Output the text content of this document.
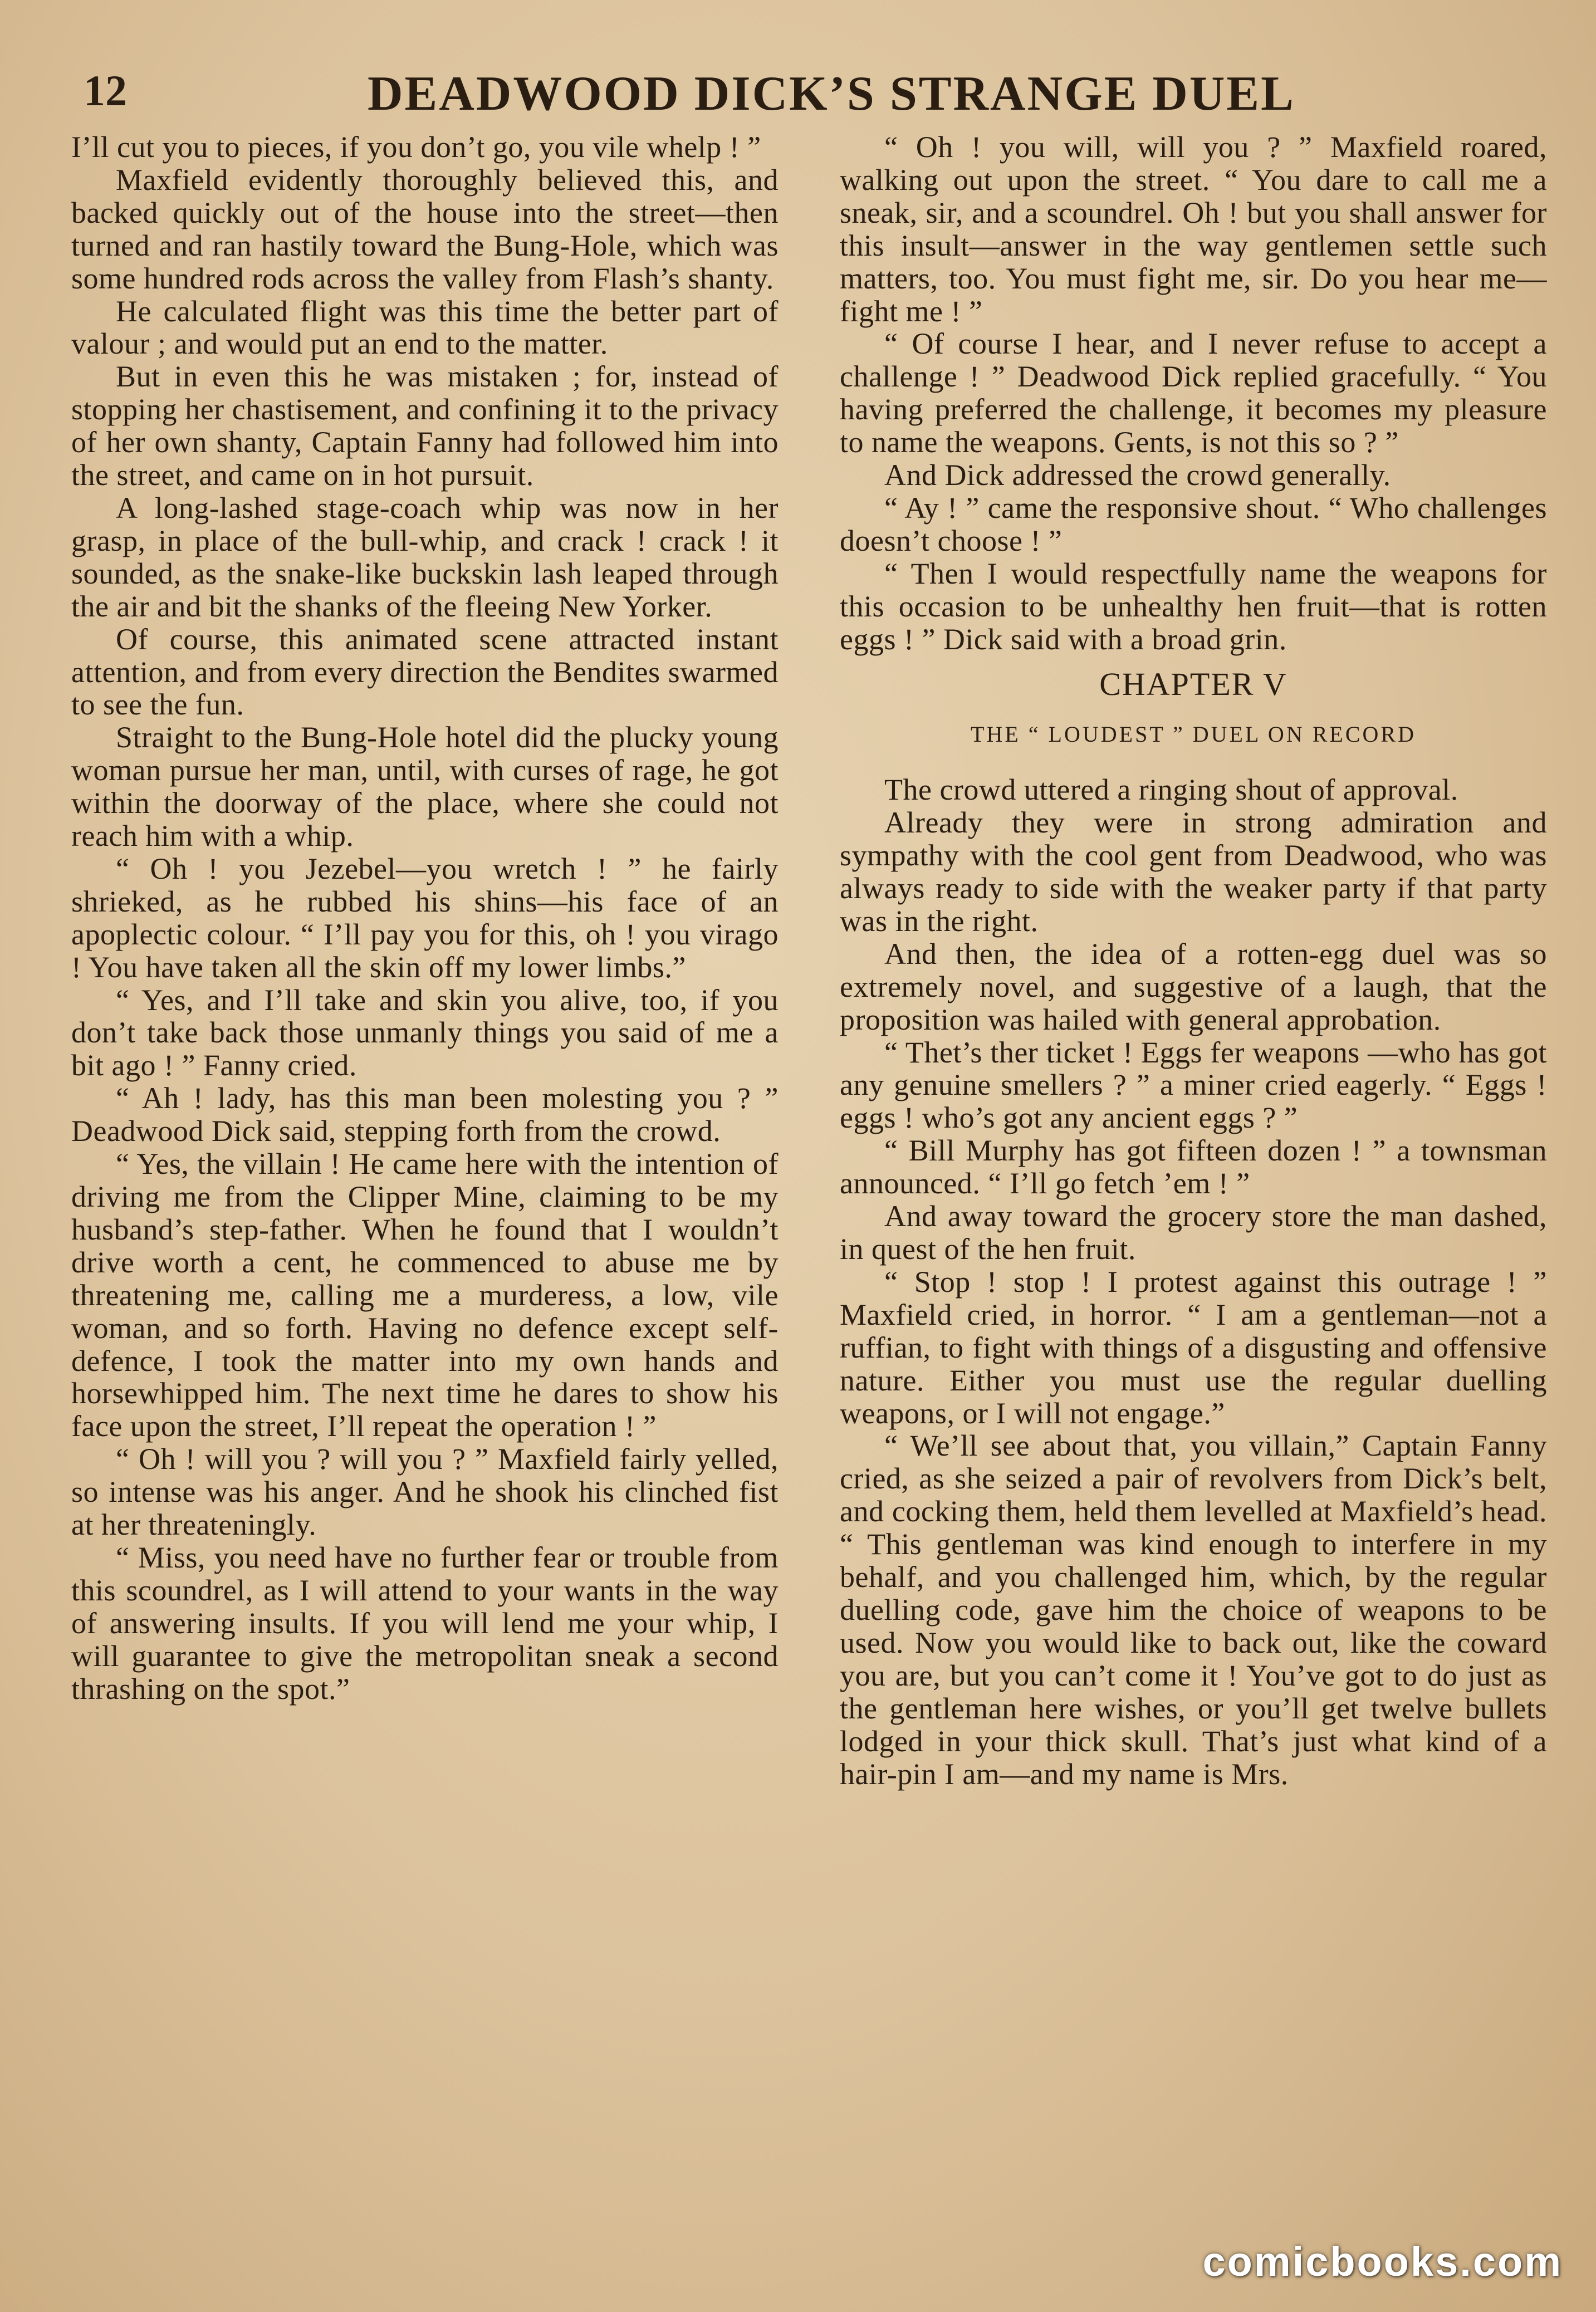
12	DEADWOOD DICK’S STRANGE DUEL

I’ll cut you to pieces, if you don’t go, you vile whelp ! ”

Maxfield evidently thoroughly believed this, and backed quickly out of the house into the street—then turned and ran hastily toward the Bung-Hole, which was some hundred rods across the valley from Flash’s shanty.

He calculated flight was this time the better part of valour ; and would put an end to the matter.

But in even this he was mistaken ; for, instead of stopping her chastisement, and confining it to the privacy of her own shanty, Captain Fanny had followed him into the street, and came on in hot pursuit.

A long-lashed stage-coach whip was now in her grasp, in place of the bull-whip, and crack ! crack ! it sounded, as the snake-like buckskin lash leaped through the air and bit the shanks of the fleeing New Yorker.

Of course, this animated scene attracted instant attention, and from every direction the Bendites swarmed to see the fun.

Straight to the Bung-Hole hotel did the plucky young woman pursue her man, until, with curses of rage, he got within the doorway of the place, where she could not reach him with a whip.

“ Oh ! you Jezebel—you wretch ! ” he fairly shrieked, as he rubbed his shins—his face of an apoplectic colour. “ I’ll pay you for this, oh ! you virago ! You have taken all the skin off my lower limbs.”

“ Yes, and I’ll take and skin you alive, too, if you don’t take back those unmanly things you said of me a bit ago ! ” Fanny cried.

“ Ah ! lady, has this man been molesting you ? ” Deadwood Dick said, stepping forth from the crowd.

“ Yes, the villain ! He came here with the intention of driving me from the Clipper Mine, claiming to be my husband’s step-father. When he found that I wouldn’t drive worth a cent, he commenced to abuse me by threatening me, calling me a murderess, a low, vile woman, and so forth. Having no defence except self-defence, I took the matter into my own hands and horsewhipped him. The next time he dares to show his face upon the street, I’ll repeat the operation ! ”

“ Oh ! will you ? will you ? ” Maxfield fairly yelled, so intense was his anger. And he shook his clinched fist at her threateningly.

“ Miss, you need have no further fear or trouble from this scoundrel, as I will attend to your wants in the way of answering insults. If you will lend me your whip, I will guarantee to give the metropolitan sneak a second thrashing on the spot.”

“ Oh ! you will, will you ? ” Maxfield roared, walking out upon the street. “ You dare to call me a sneak, sir, and a scoundrel. Oh ! but you shall answer for this insult—answer in the way gentlemen settle such matters, too. You must fight me, sir. Do you hear me—fight me ! ”

“ Of course I hear, and I never refuse to accept a challenge ! ” Deadwood Dick replied gracefully. “ You having preferred the challenge, it becomes my pleasure to name the weapons. Gents, is not this so ? ”

And Dick addressed the crowd generally.

“ Ay ! ” came the responsive shout. “ Who challenges doesn’t choose ! ”

“ Then I would respectfully name the weapons for this occasion to be unhealthy hen fruit—that is rotten eggs ! ” Dick said with a broad grin.

CHAPTER V
THE “ LOUDEST ” DUEL ON RECORD

The crowd uttered a ringing shout of approval.

Already they were in strong admiration and sympathy with the cool gent from Deadwood, who was always ready to side with the weaker party if that party was in the right.

And then, the idea of a rotten-egg duel was so extremely novel, and suggestive of a laugh, that the proposition was hailed with general approbation.

“ Thet’s ther ticket ! Eggs fer weapons —who has got any genuine smellers ? ” a miner cried eagerly. “ Eggs ! eggs ! who’s got any ancient eggs ? ”

“ Bill Murphy has got fifteen dozen ! ” a townsman announced. “ I’ll go fetch ’em ! ”

And away toward the grocery store the man dashed, in quest of the hen fruit.

“ Stop ! stop ! I protest against this outrage ! ” Maxfield cried, in horror. “ I am a gentleman—not a ruffian, to fight with things of a disgusting and offensive nature. Either you must use the regular duelling weapons, or I will not engage.”

“ We’ll see about that, you villain,” Captain Fanny cried, as she seized a pair of revolvers from Dick’s belt, and cocking them, held them levelled at Maxfield’s head. “ This gentleman was kind enough to interfere in my behalf, and you challenged him, which, by the regular duelling code, gave him the choice of weapons to be used. Now you would like to back out, like the coward you are, but you can’t come it ! You’ve got to do just as the gentleman here wishes, or you’ll get twelve bullets lodged in your thick skull. That’s just what kind of a hair-pin I am—and my name is Mrs.

comicbooks.com
